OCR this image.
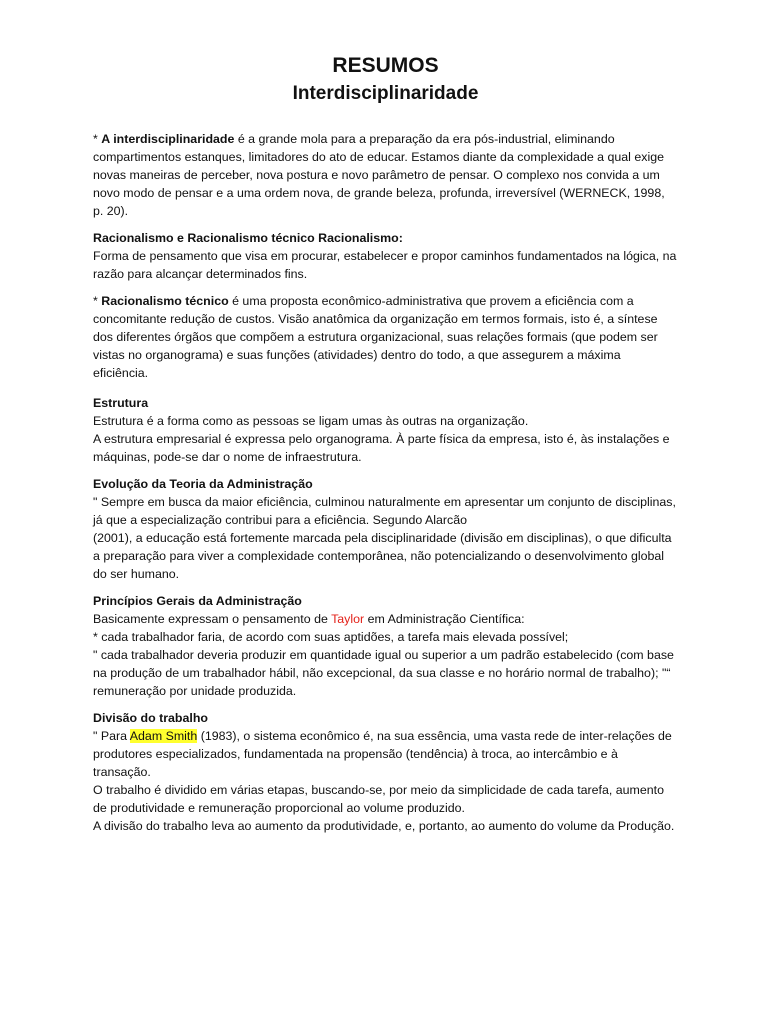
RESUMOS
Interdisciplinaridade

* A interdisciplinaridade é a grande mola para a preparação da era pós-industrial, eliminando compartimentos estanques, limitadores do ato de educar. Estamos diante da complexidade a qual exige novas maneiras de perceber, nova postura e novo parâmetro de pensar. O complexo nos convida a um novo modo de pensar e a uma ordem nova, de grande beleza, profunda, irreversível (WERNECK, 1998, p. 20).

Racionalismo e Racionalismo técnico Racionalismo:

Forma de pensamento que visa em procurar, estabelecer e propor caminhos fundamentados na lógica, na razão para alcançar determinados fins.

* Racionalismo técnico é uma proposta econômico-administrativa que provem a eficiência com a concomitante redução de custos. Visão anatômica da organização em termos formais, isto é, a síntese dos diferentes órgãos que compõem a estrutura organizacional, suas relações formais (que podem ser vistas no organograma) e suas funções (atividades) dentro do todo, a que assegurem a máxima eficiência.

Estrutura

Estrutura é a forma como as pessoas se ligam umas às outras na organização.

A estrutura empresarial é expressa pelo organograma. À parte física da empresa, isto é, às instalações e máquinas, pode-se dar o nome de infraestrutura.

Evolução da Teoria da Administração

" Sempre em busca da maior eficiência, culminou naturalmente em apresentar um conjunto de disciplinas, já que a especialização contribui para a eficiência. Segundo Alarcão

(2001), a educação está fortemente marcada pela disciplinaridade (divisão em disciplinas), o que dificulta a preparação para viver a complexidade contemporânea, não potencializando o desenvolvimento global do ser humano.

Princípios Gerais da Administração

Basicamente expressam o pensamento de Taylor em Administração Científica:

* cada trabalhador faria, de acordo com suas aptidões, a tarefa mais elevada possível;

" cada trabalhador deveria produzir em quantidade igual ou superior a um padrão estabelecido (com base na produção de um trabalhador hábil, não excepcional, da sua classe e no horário normal de trabalho); "“ remuneração por unidade produzida.

Divisão do trabalho

" Para Adam Smith (1983), o sistema econômico é, na sua essência, uma vasta rede de inter-relações de produtores especializados, fundamentada na propensão (tendência) à troca, ao intercâmbio e à transação.

O trabalho é dividido em várias etapas, buscando-se, por meio da simplicidade de cada tarefa, aumento de produtividade e remuneração proporcional ao volume produzido.

A divisão do trabalho leva ao aumento da produtividade, e, portanto, ao aumento do volume da Produção.
